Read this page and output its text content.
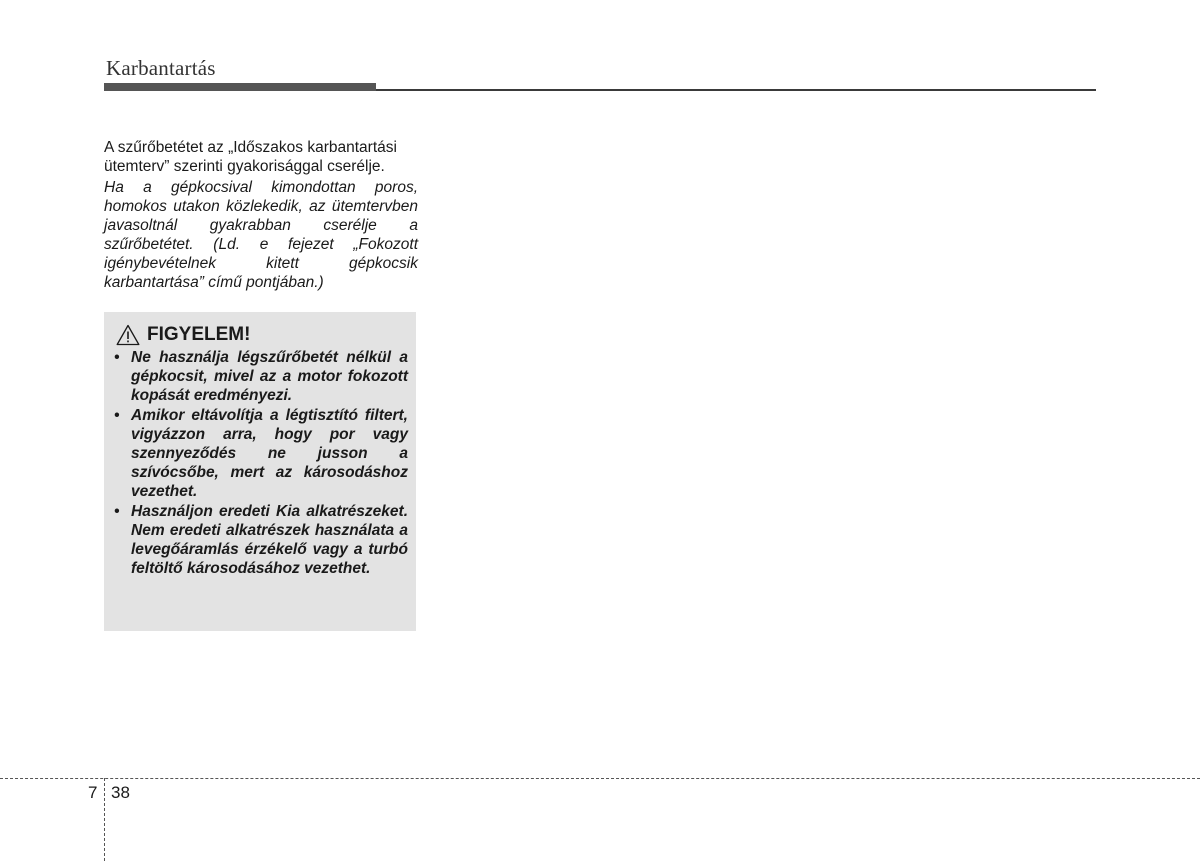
Karbantartás

A szűrőbetétet az „Időszakos karbantartási ütemterv” szerinti gyakorisággal cserélje.

Ha a gépkocsival kimondottan poros, homokos utakon közlekedik, az ütemtervben javasoltnál gyakrabban cserélje a szűrőbetétet. (Ld. e fejezet „Fokozott igénybevételnek kitett gépkocsik karbantartása” című pontjában.)

FIGYELEM!
• Ne használja légszűrőbetét nélkül a gépkocsit, mivel az a motor fokozott kopását eredményezi.
• Amikor eltávolítja a légtisztító filtert, vigyázzon arra, hogy por vagy szennyeződés ne jusson a szívócsőbe, mert az károsodáshoz vezethet.
• Használjon eredeti Kia alkatrészeket. Nem eredeti alkatrészek használata a levegőáramlás érzékelő vagy a turbó feltöltő károsodásához vezethet.
7 38
